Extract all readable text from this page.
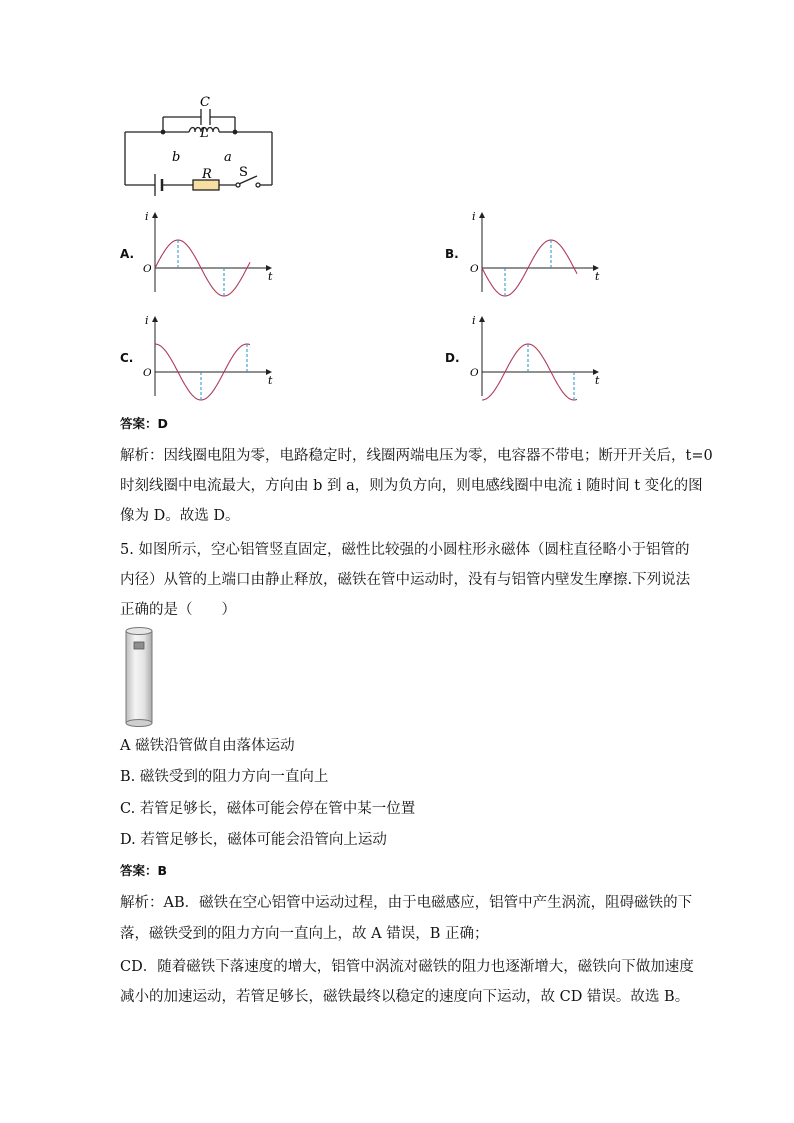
C
L
b	a
R S
A.	B.
C.	D.
i
t
O
i
t
O
i
t
O
i
t
O
答案：D
解析：因线圈电阻为零，电路稳定时，线圈两端电压为零，电容器不带电；断开开关后，t=0
时刻线圈中电流最大，方向由 b 到 a，则为负方向，则电感线圈中电流 i 随时间 t 变化的图
像为 D。故选 D。
5. 如图所示，空心铝管竖直固定，磁性比较强的小圆柱形永磁体（圆柱直径略小于铝管的
内径）从管的上端口由静止释放，磁铁在管中运动时，没有与铝管内壁发生摩擦.下列说法
正确的是（　　）
A 磁铁沿管做自由落体运动
B. 磁铁受到的阻力方向一直向上
C. 若管足够长，磁体可能会停在管中某一位置
D. 若管足够长，磁体可能会沿管向上运动
答案：B
解析：AB．磁铁在空心铝管中运动过程，由于电磁感应，铝管中产生涡流，阻碍磁铁的下
落，磁铁受到的阻力方向一直向上，故 A 错误，B 正确；
CD．随着磁铁下落速度的增大，铝管中涡流对磁铁的阻力也逐渐增大，磁铁向下做加速度
减小的加速运动，若管足够长，磁铁最终以稳定的速度向下运动，故 CD 错误。故选 B。
